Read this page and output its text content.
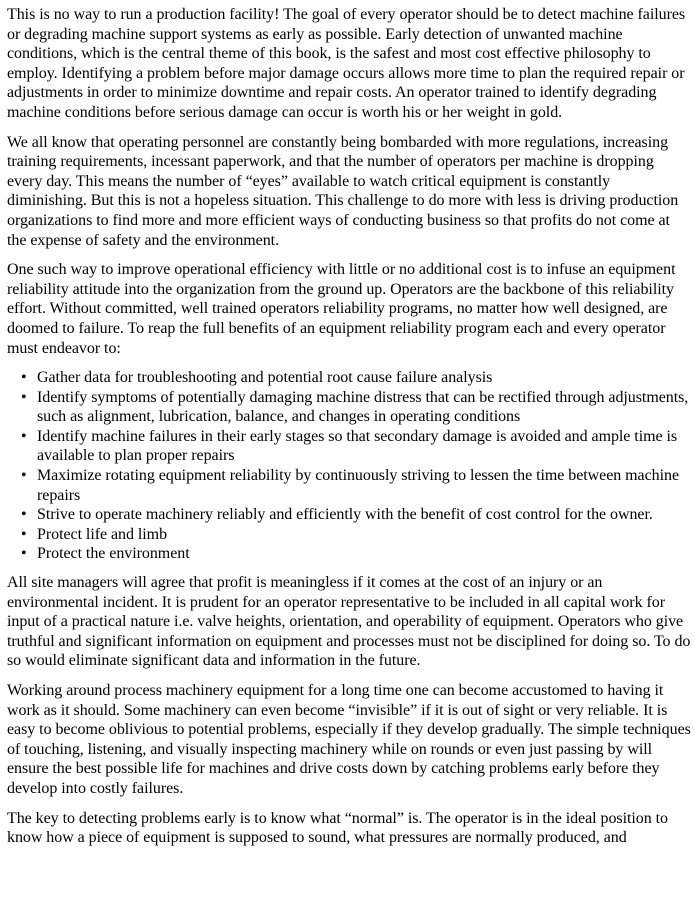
This is no way to run a production facility! The goal of every operator should be to detect machine failures or degrading machine support systems as early as possible. Early detection of unwanted machine conditions, which is the central theme of this book, is the safest and most cost effective philosophy to employ. Identifying a problem before major damage occurs allows more time to plan the required repair or adjustments in order to minimize downtime and repair costs. An operator trained to identify degrading machine conditions before serious damage can occur is worth his or her weight in gold.

We all know that operating personnel are constantly being bombarded with more regulations, increasing training requirements, incessant paperwork, and that the number of operators per machine is dropping every day. This means the number of “eyes” available to watch critical equipment is constantly diminishing. But this is not a hopeless situation. This challenge to do more with less is driving production organizations to find more and more efficient ways of conducting business so that profits do not come at the expense of safety and the environment.

One such way to improve operational efficiency with little or no additional cost is to infuse an equipment reliability attitude into the organization from the ground up. Operators are the backbone of this reliability effort. Without committed, well trained operators reliability programs, no matter how well designed, are doomed to failure. To reap the full benefits of an equipment reliability program each and every operator must endeavor to:

• Gather data for troubleshooting and potential root cause failure analysis
• Identify symptoms of potentially damaging machine distress that can be rectified through adjustments, such as alignment, lubrication, balance, and changes in operating conditions
• Identify machine failures in their early stages so that secondary damage is avoided and ample time is available to plan proper repairs
• Maximize rotating equipment reliability by continuously striving to lessen the time between machine repairs
• Strive to operate machinery reliably and efficiently with the benefit of cost control for the owner.
• Protect life and limb
• Protect the environment

All site managers will agree that profit is meaningless if it comes at the cost of an injury or an environmental incident. It is prudent for an operator representative to be included in all capital work for input of a practical nature i.e. valve heights, orientation, and operability of equipment. Operators who give truthful and significant information on equipment and processes must not be disciplined for doing so. To do so would eliminate significant data and information in the future.

Working around process machinery equipment for a long time one can become accustomed to having it work as it should. Some machinery can even become “invisible” if it is out of sight or very reliable. It is easy to become oblivious to potential problems, especially if they develop gradually. The simple techniques of touching, listening, and visually inspecting machinery while on rounds or even just passing by will ensure the best possible life for machines and drive costs down by catching problems early before they develop into costly failures.

The key to detecting problems early is to know what “normal” is. The operator is in the ideal position to know how a piece of equipment is supposed to sound, what pressures are normally produced, and
